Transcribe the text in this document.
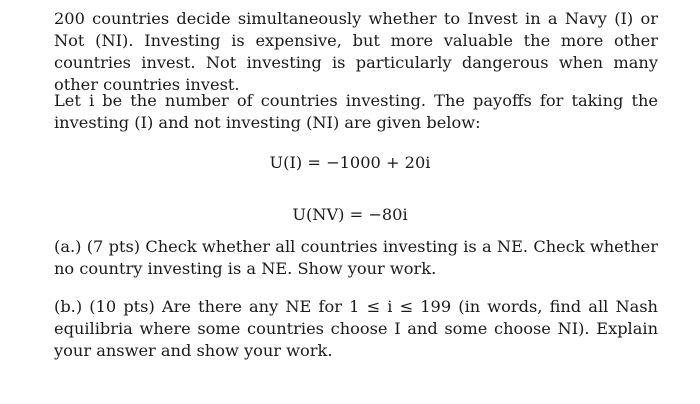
200 countries decide simultaneously whether to Invest in a Navy (I) or Not (NI). Investing is expensive, but more valuable the more other countries invest. Not investing is particularly dangerous when many other countries invest.

Let i be the number of countries investing. The payoffs for taking the investing (I) and not investing (NI) are given below:

U(I) = −1000 + 20i

U(NV) = −80i

(a.) (7 pts) Check whether all countries investing is a NE. Check whether no country investing is a NE. Show your work.

(b.) (10 pts) Are there any NE for 1 ≤ i ≤ 199 (in words, find all Nash equilibria where some countries choose I and some choose NI). Explain your answer and show your work.
